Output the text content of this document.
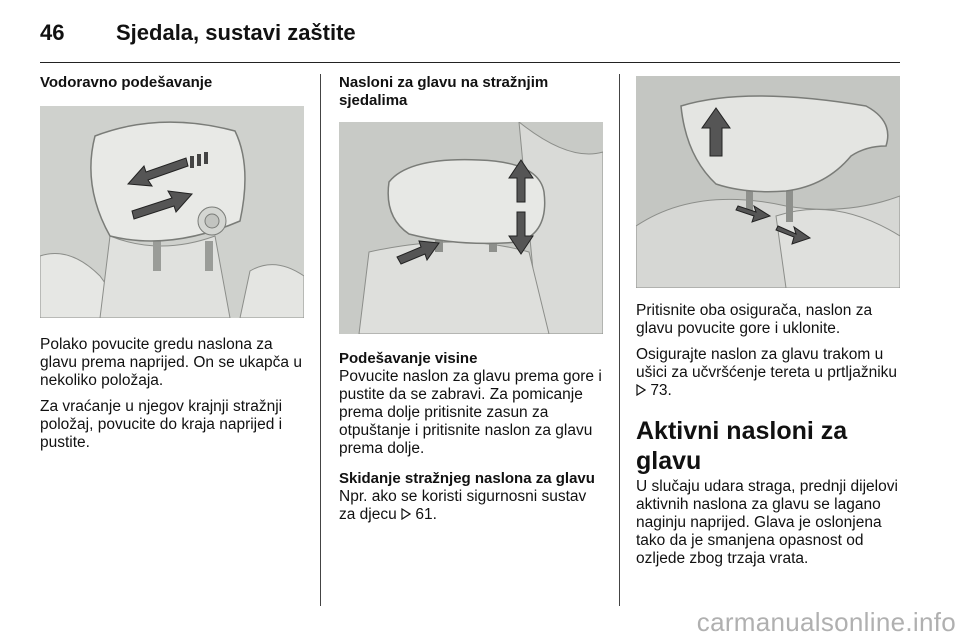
46	Sjedala, sustavi zaštite
Vodoravno podešavanje

Polako povucite gredu naslona za glavu prema naprijed. On se ukapča u nekoliko položaja.

Za vraćanje u njegov krajnji stražnji položaj, povucite do kraja naprijed i pustite.

Nasloni za glavu na stražnjim sjedalima
Podešavanje visine

Povucite naslon za glavu prema gore i pustite da se zabravi. Za pomicanje prema dolje pritisnite zasun za otpuštanje i pritisnite naslon za glavu prema dolje.

Skidanje stražnjeg naslona za glavu

Npr. ako se koristi sigurnosni sustav za djecu 61.

Pritisnite oba osigurača, naslon za glavu povucite gore i uklonite.

Osigurajte naslon za glavu trakom u ušici za učvršćenje tereta u prtljažniku  73.

Aktivni nasloni za glavu

U slučaju udara straga, prednji dijelovi aktivnih naslona za glavu se lagano naginju naprijed. Glava je oslonjena tako da je smanjena opasnost od ozljede zbog trzaja vrata.

carmanualsonline.info
